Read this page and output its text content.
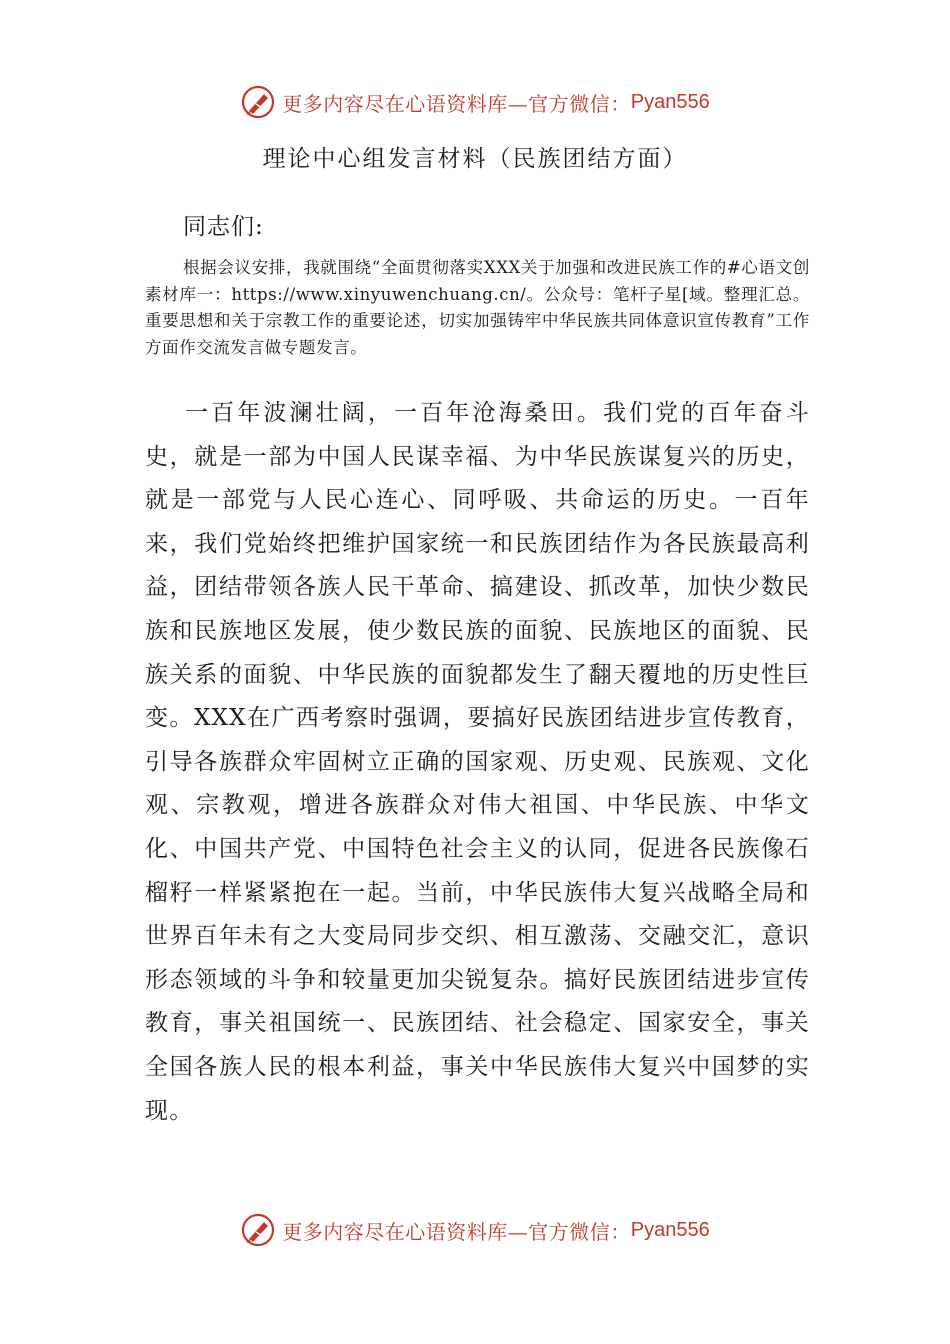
更多内容尽在心语资料库—官方微信： Pyan556
理论中心组发言材料（民族团结方面）
同志们:

根据会议安排，我就围绕“全面贯彻落实XXX关于加强和改进民族工作的#心语文创素材库一：https://www.xinyuwenchuang.cn/。公众号：笔杆子星[域。整理汇总。重要思想和关于宗教工作的重要论述，切实加强铸牢中华民族共同体意识宣传教育”工作方面作交流发言做专题发言。

一百年波澜壮阔，一百年沧海桑田。我们党的百年奋斗史，就是一部为中国人民谋幸福、为中华民族谋复兴的历史，就是一部党与人民心连心、同呼吸、共命运的历史。一百年来，我们党始终把维护国家统一和民族团结作为各民族最高利益，团结带领各族人民干革命、搞建设、抓改革，加快少数民族和民族地区发展，使少数民族的面貌、民族地区的面貌、民族关系的面貌、中华民族的面貌都发生了翻天覆地的历史性巨变。XXX在广西考察时强调，要搞好民族团结进步宣传教育，引导各族群众牢固树立正确的国家观、历史观、民族观、文化观、宗教观，增进各族群众对伟大祖国、中华民族、中华文化、中国共产党、中国特色社会主义的认同，促进各民族像石榴籽一样紧紧抱在一起。当前，中华民族伟大复兴战略全局和世界百年未有之大变局同步交织、相互激荡、交融交汇，意识形态领域的斗争和较量更加尖锐复杂。搞好民族团结进步宣传教育，事关祖国统一、民族团结、社会稳定、国家安全，事关全国各族人民的根本利益，事关中华民族伟大复兴中国梦的实现。

更多内容尽在心语资料库—官方微信： Pyan556
